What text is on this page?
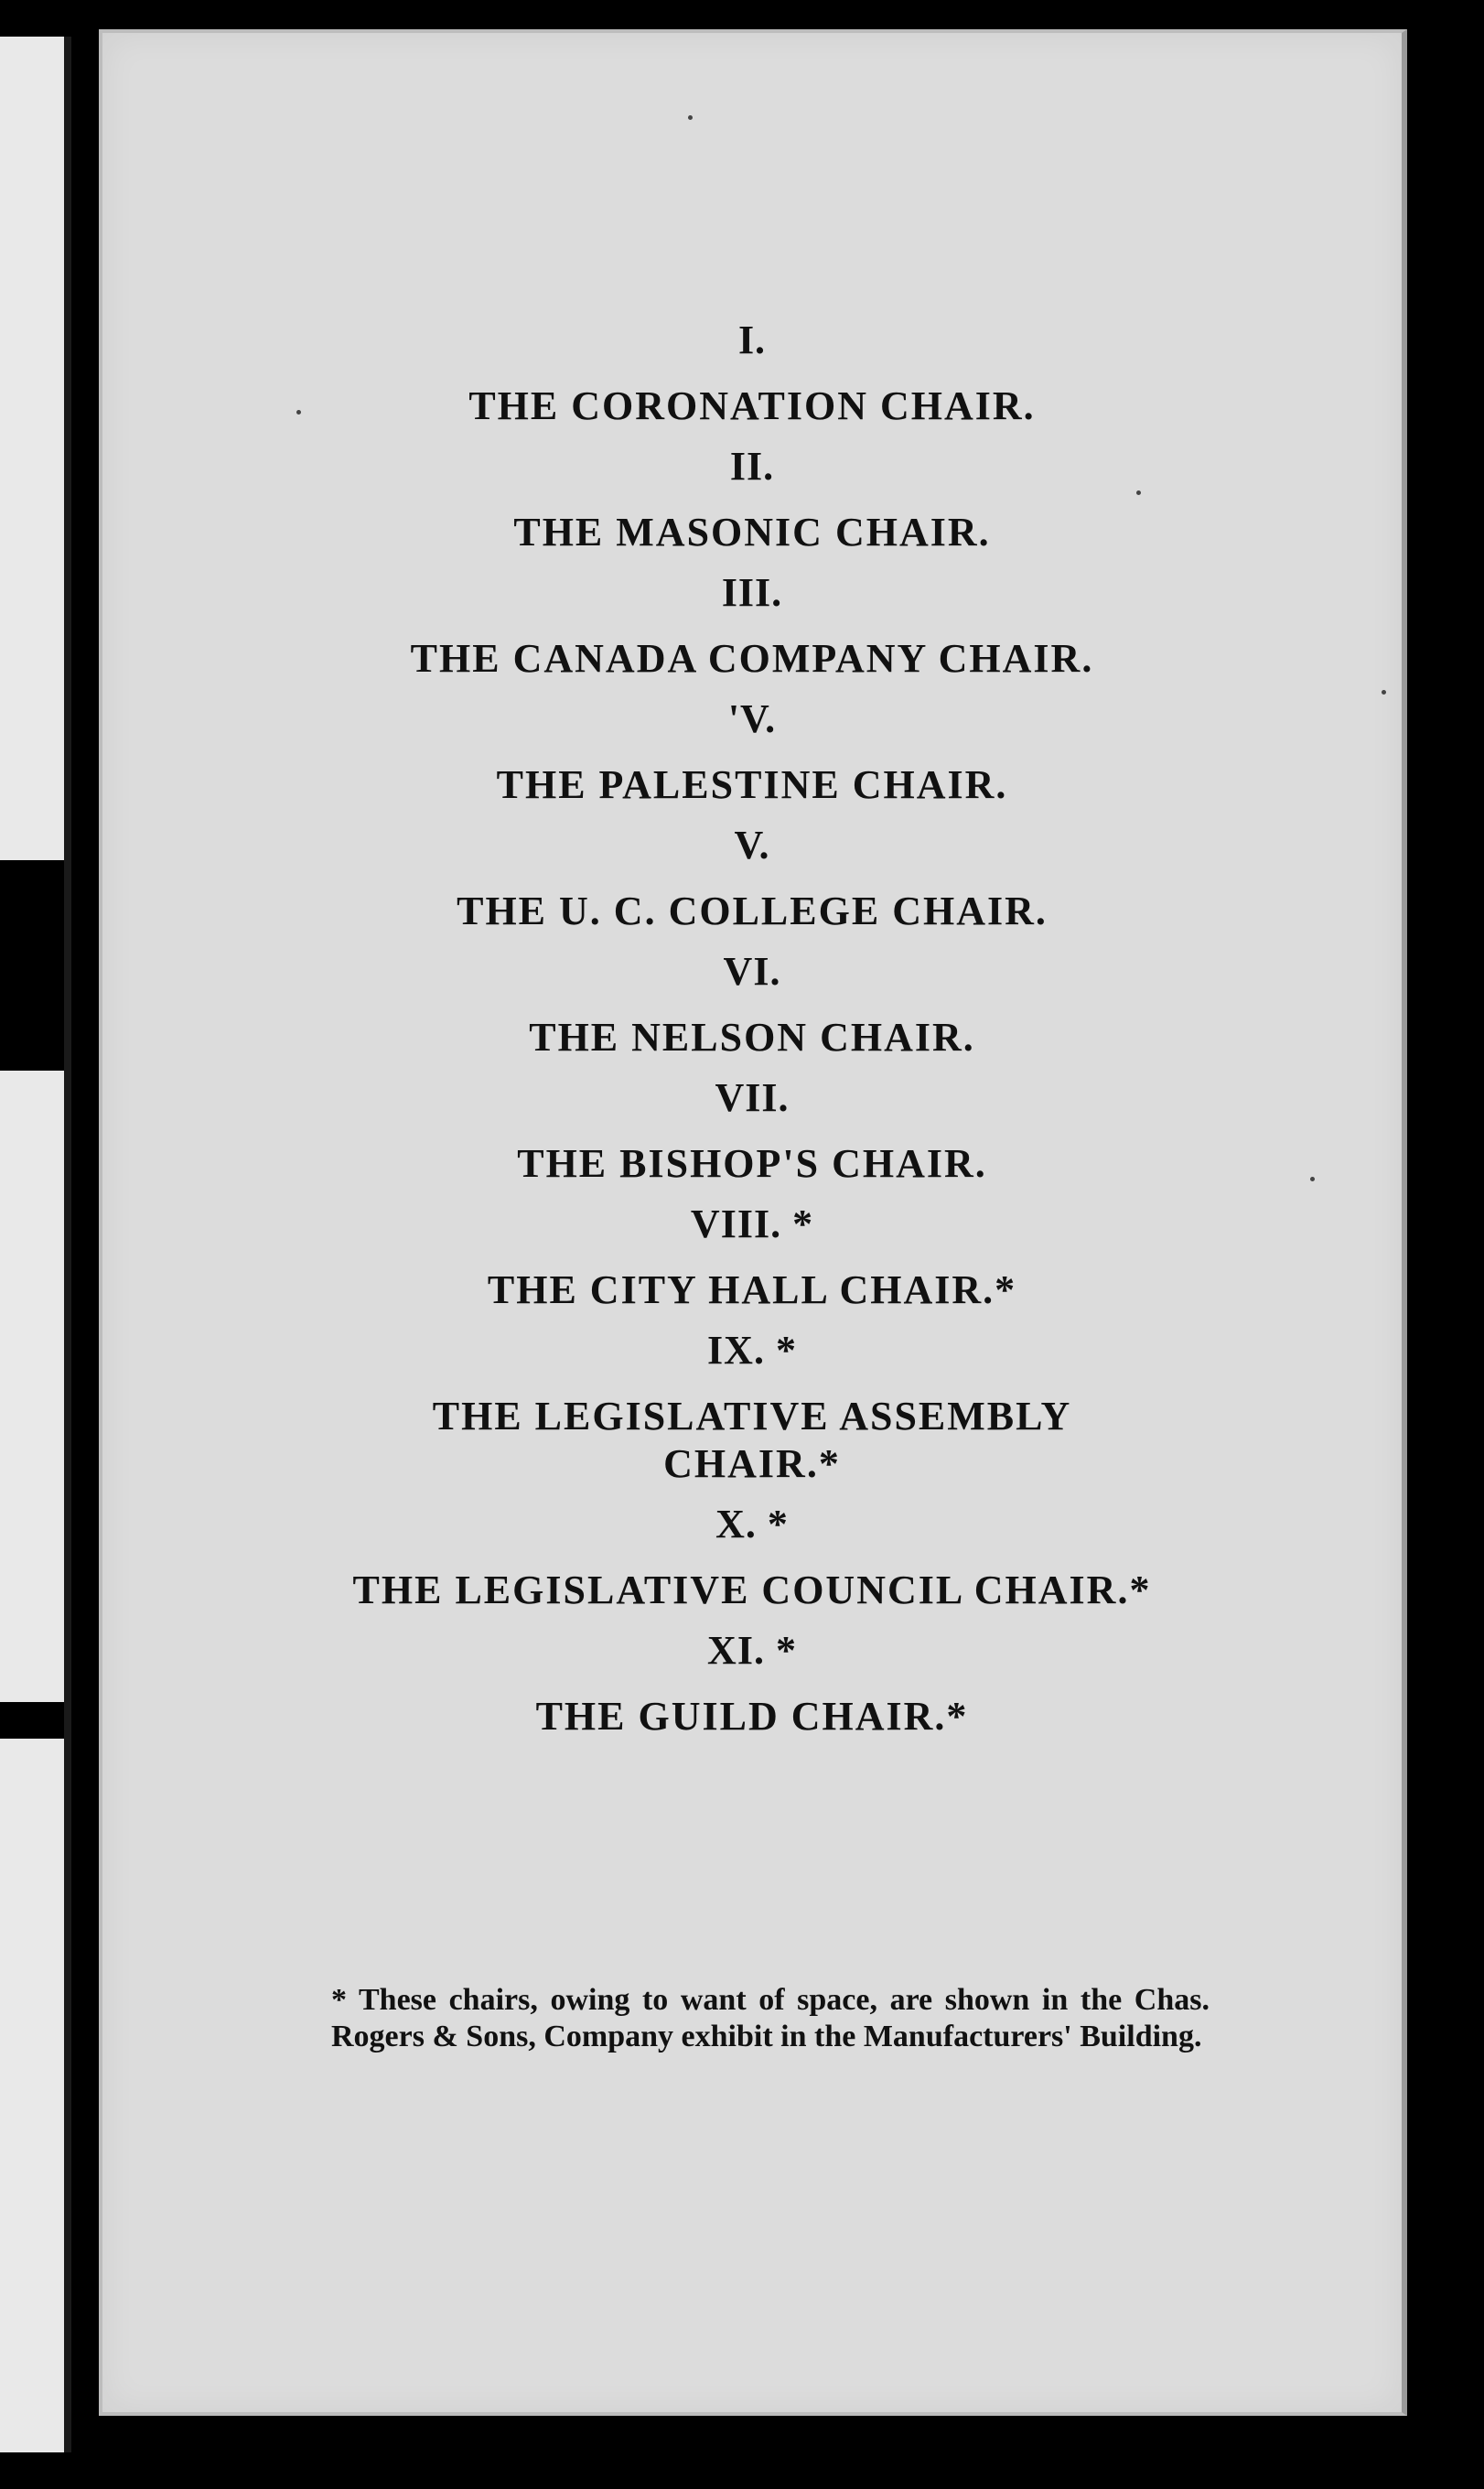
I.
THE CORONATION CHAIR.
II.
THE MASONIC CHAIR.
III.
THE CANADA COMPANY CHAIR.
'V.
THE PALESTINE CHAIR.
V.
THE U. C. COLLEGE CHAIR.
VI.
THE NELSON CHAIR.
VII.
THE BISHOP'S CHAIR.
VIII. *
THE CITY HALL CHAIR.*
IX. *
THE LEGISLATIVE ASSEMBLY CHAIR.*
X. *
THE LEGISLATIVE COUNCIL CHAIR.*
XI. *
THE GUILD CHAIR.*
* These chairs, owing to want of space, are shown in the Chas. Rogers & Sons, Company exhibit in the Manufacturers' Building.
